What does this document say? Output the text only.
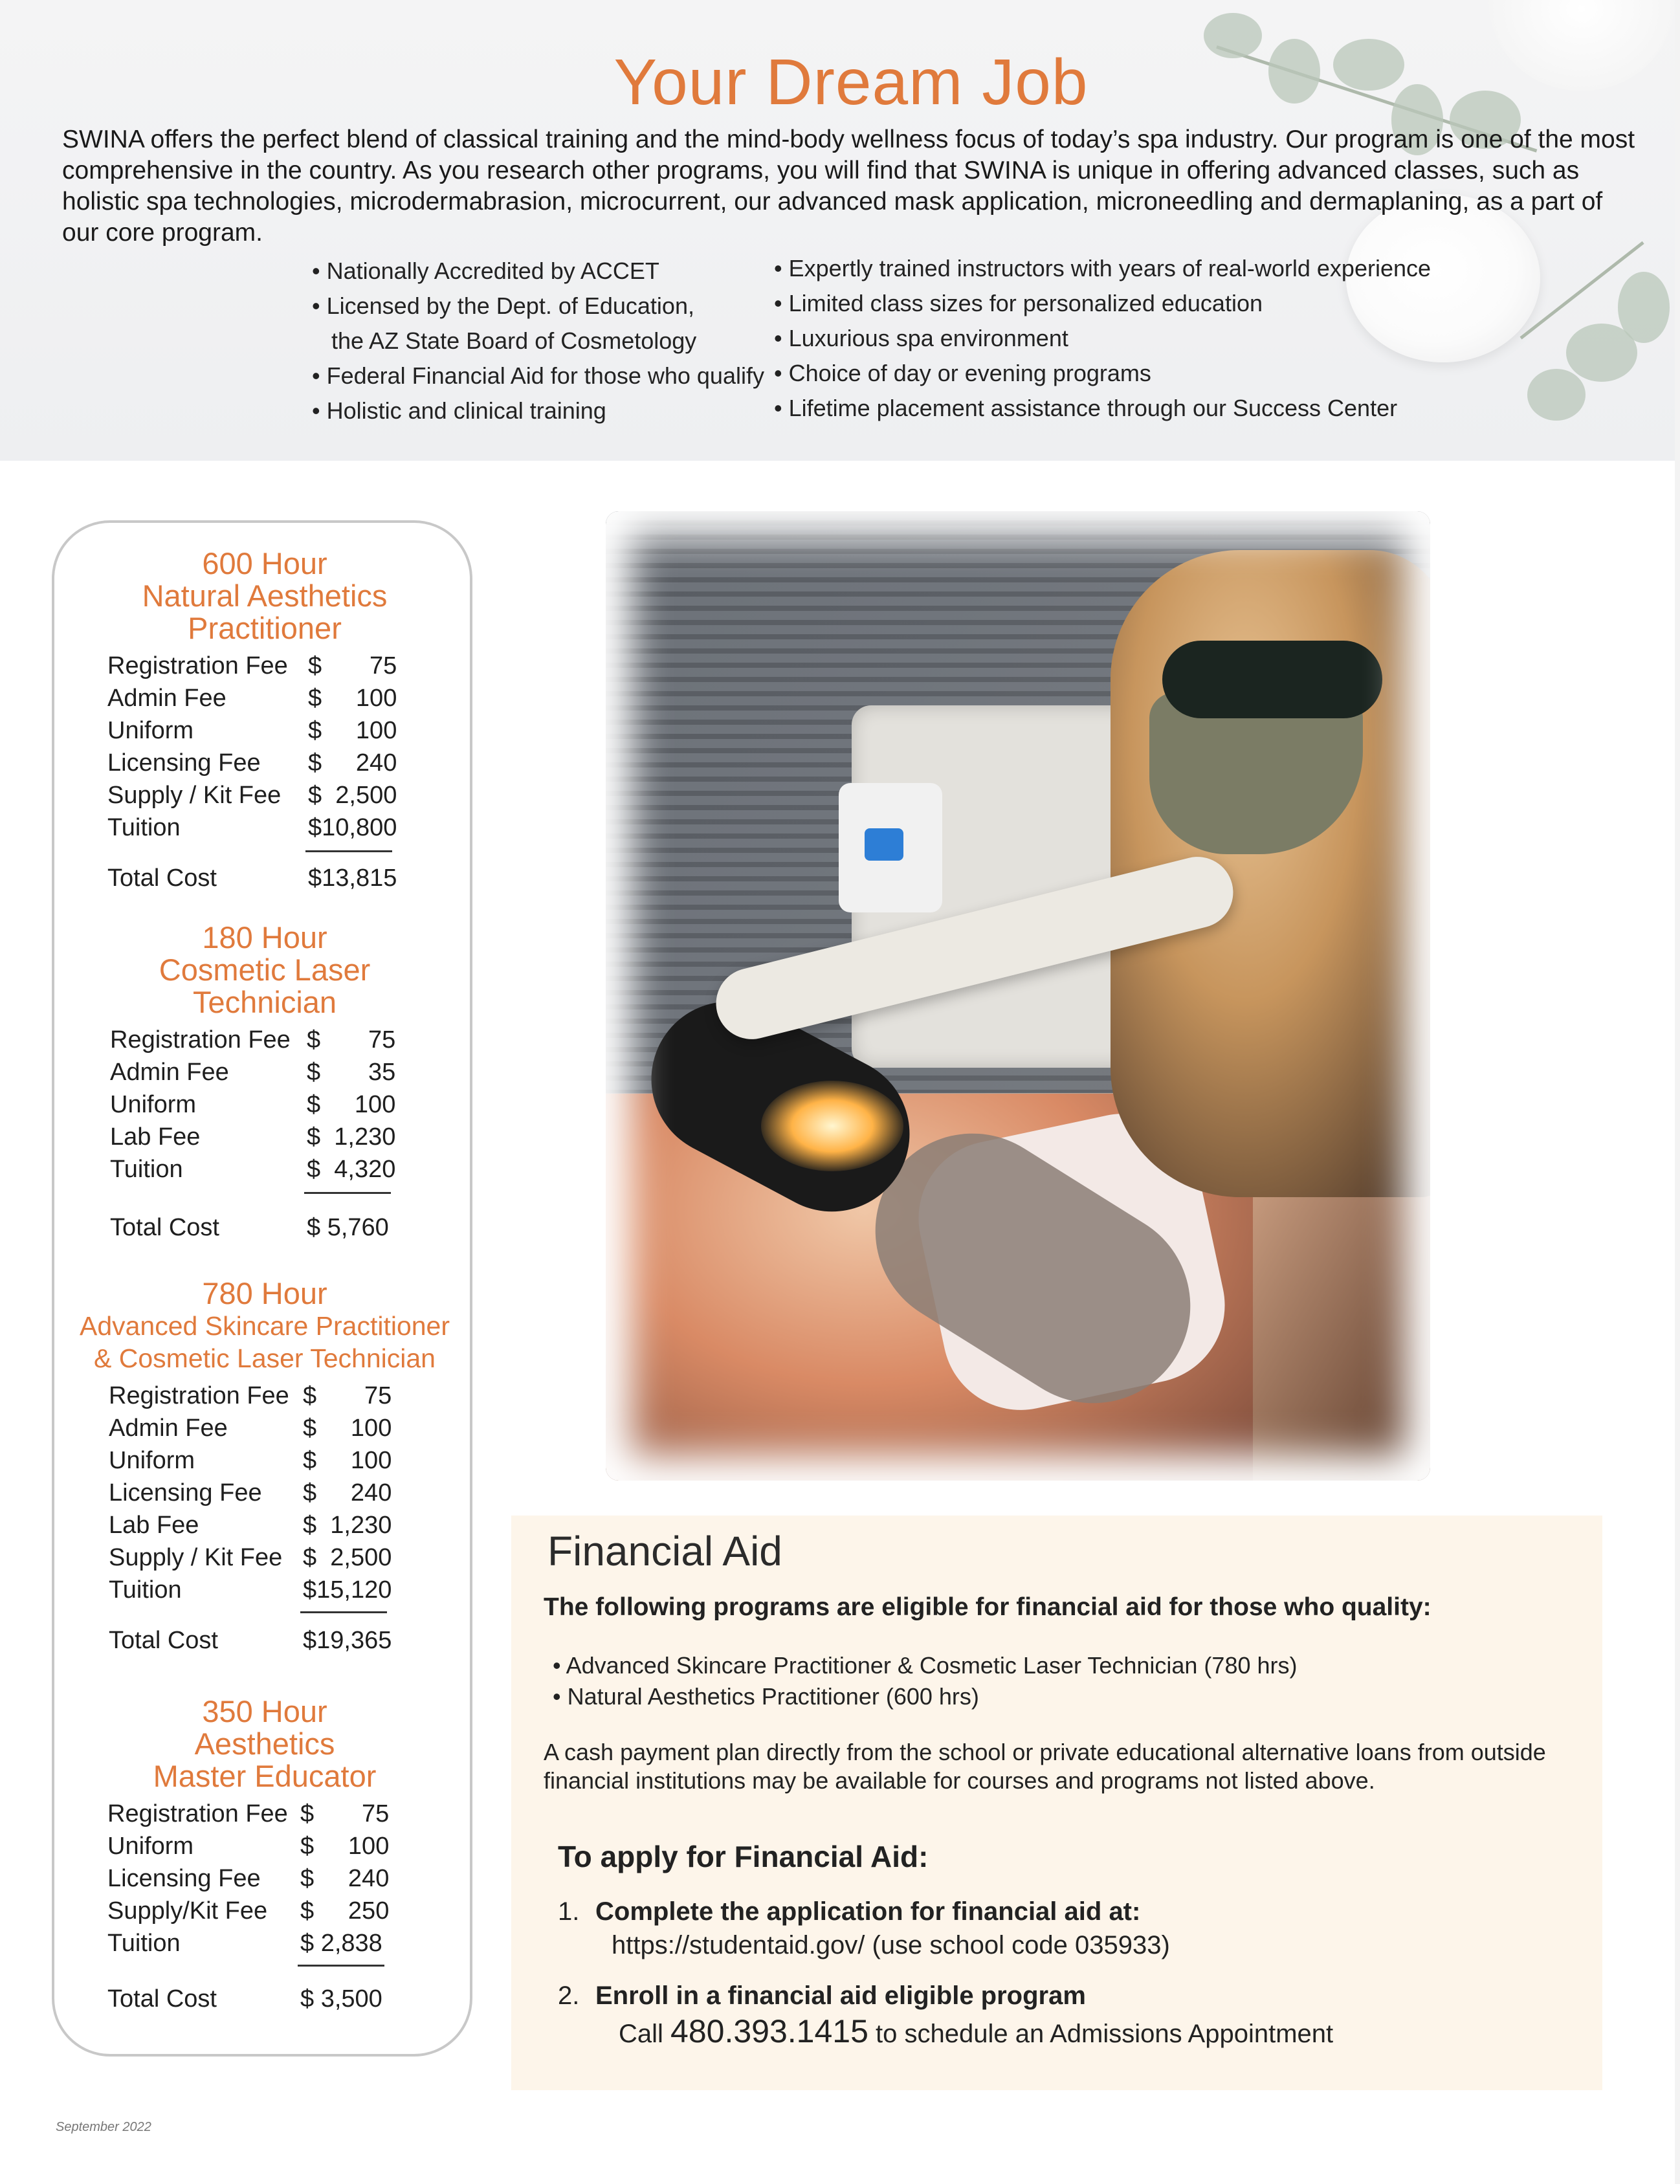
Your Dream Job
SWINA offers the perfect blend of classical training and the mind-body wellness focus of today’s spa industry. Our program is one of the most comprehensive in the country. As you research other programs, you will find that SWINA is unique in offering advanced classes, such as holistic spa technologies, microdermabrasion, microcurrent, our advanced mask application, microneedling and dermaplaning, as a part of our core program.
• Nationally Accredited by ACCET
• Licensed by the Dept. of Education,
the AZ State Board of Cosmetology
• Federal Financial Aid for those who qualify
• Holistic and clinical training
• Expertly trained instructors with years of real-world experience
• Limited class sizes for personalized education
• Luxurious spa environment
• Choice of day or evening programs
• Lifetime placement assistance through our Success Center
600 Hour
Natural Aesthetics
Practitioner
Registration Fee $       75
Admin Fee	$     100
Uniform	$     100
Licensing Fee $     240
Supply / Kit Fee $  2,500
Tuition	$10,800
Total Cost	$13,815
180 Hour
Cosmetic Laser
Technician
Registration Fee $       75
Admin Fee	$       35
Uniform	$     100
Lab Fee	$  1,230
Tuition	$  4,320
Total Cost	$ 5,760
780 Hour
Advanced Skincare Practitioner
& Cosmetic Laser Technician
Registration Fee $       75
Admin Fee	$     100
Uniform	$     100
Licensing Fee $     240
Lab Fee	$  1,230
Supply / Kit Fee $  2,500
Tuition	$15,120
Total Cost	$19,365
350 Hour
Aesthetics
Master Educator
Registration Fee $       75
Uniform	$     100
Licensing Fee $     240
Supply/Kit Fee $     250
Tuition	$ 2,838
Total Cost	$ 3,500
Financial Aid
The following programs are eligible for financial aid for those who quality:
• Advanced Skincare Practitioner & Cosmetic Laser Technician (780 hrs)
• Natural Aesthetics Practitioner (600 hrs)
A cash payment plan directly from the school or private educational alternative loans from outside financial institutions may be available for courses and programs not listed above.
To apply for Financial Aid:
1. Complete the application for financial aid at:
https://studentaid.gov/ (use school code 035933)
2. Enroll in a financial aid eligible program
Call 480.393.1415 to schedule an Admissions Appointment
September 2022
